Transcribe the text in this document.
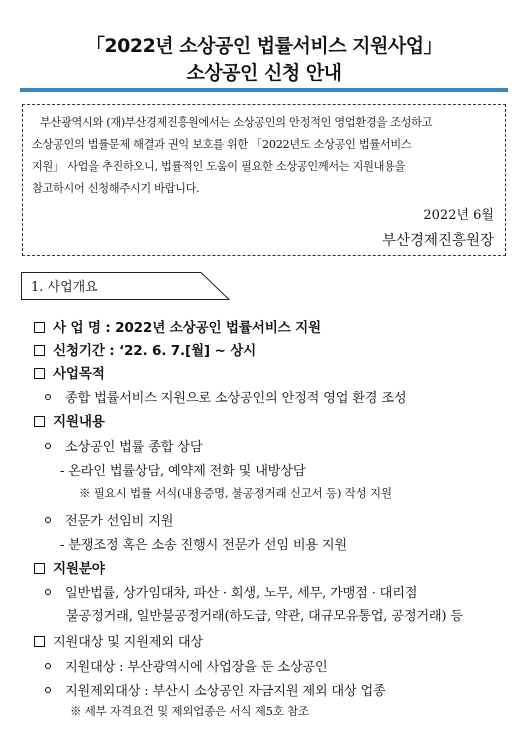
「2022년 소상공인 법률서비스 지원사업」
소상공인 신청 안내
부산광역시와 (재)부산경제진흥원에서는 소상공인의 안정적인 영업환경을 조성하고
소상공인의 법률문제 해결과 권익 보호를 위한 「2022년도 소상공인 법률서비스
지원」 사업을 추진하오니, 법률적인 도움이 필요한 소상공인께서는 지원내용을
참고하시어 신청해주시기 바랍니다.
2022년 6월
부산경제진흥원장
1. 사업개요
사 업 명 : 2022년 소상공인 법률서비스 지원
신청기간 : ‘22. 6. 7.[월] ~ 상시
사업목적
종합 법률서비스 지원으로 소상공인의 안정적 영업 환경 조성
지원내용
소상공인 법률 종합 상담
- 온라인 법률상담, 예약제 전화 및 내방상담
※ 필요시 법률 서식(내용증명, 불공정거래 신고서 등) 작성 지원
전문가 선임비 지원
- 분쟁조정 혹은 소송 진행시 전문가 선임 비용 지원
지원분야
일반법률, 상가임대차, 파산 · 회생, 노무, 세무, 가맹점 · 대리점
불공정거래, 일반불공정거래(하도급, 약관, 대규모유통업, 공정거래) 등
지원대상 및 지원제외 대상
지원대상 : 부산광역시에 사업장을 둔 소상공인
지원제외대상 : 부산시 소상공인 자금지원 제외 대상 업종
※ 세부 자격요건 및 제외업종은 서식 제5호 참조
